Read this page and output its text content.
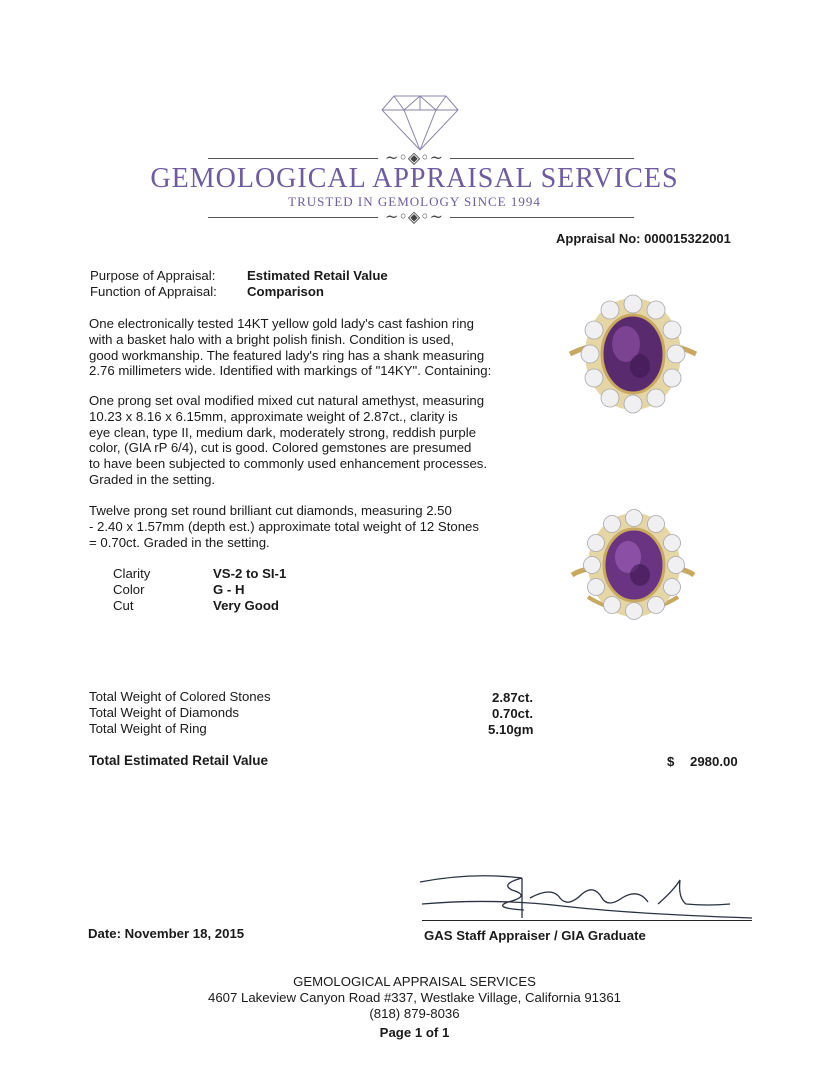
~◦◈◦~
GEMOLOGICAL APPRAISAL SERVICES
TRUSTED IN GEMOLOGY SINCE 1994
~◦◈◦~
Appraisal No: 000015322001
Purpose of Appraisal: Estimated Retail Value
Function of Appraisal: Comparison
One electronically tested 14KT yellow gold lady's cast fashion ring
with a basket halo with a bright polish finish. Condition is used,
good workmanship. The featured lady's ring has a shank measuring
2.76 millimeters wide. Identified with markings of "14KY". Containing:
One prong set oval modified mixed cut natural amethyst, measuring
10.23 x 8.16 x 6.15mm, approximate weight of 2.87ct., clarity is
eye clean, type II, medium dark, moderately strong, reddish purple
color, (GIA rP 6/4), cut is good. Colored gemstones are presumed
to have been subjected to commonly used enhancement processes.
Graded in the setting.
Twelve prong set round brilliant cut diamonds, measuring 2.50
- 2.40 x 1.57mm (depth est.) approximate total weight of 12 Stones
= 0.70ct. Graded in the setting.
Clarity	VS-2 to SI-1
Color	G - H
Cut	Very Good
Total Weight of Colored Stones	2.87ct.
Total Weight of Diamonds	0.70ct.
Total Weight of Ring	5.10gm
Total Estimated Retail Value	$ 2980.00
Date: November 18, 2015	GAS Staff Appraiser / GIA Graduate
GEMOLOGICAL APPRAISAL SERVICES
4607 Lakeview Canyon Road #337, Westlake Village, California 91361
(818) 879-8036
Page 1 of 1
